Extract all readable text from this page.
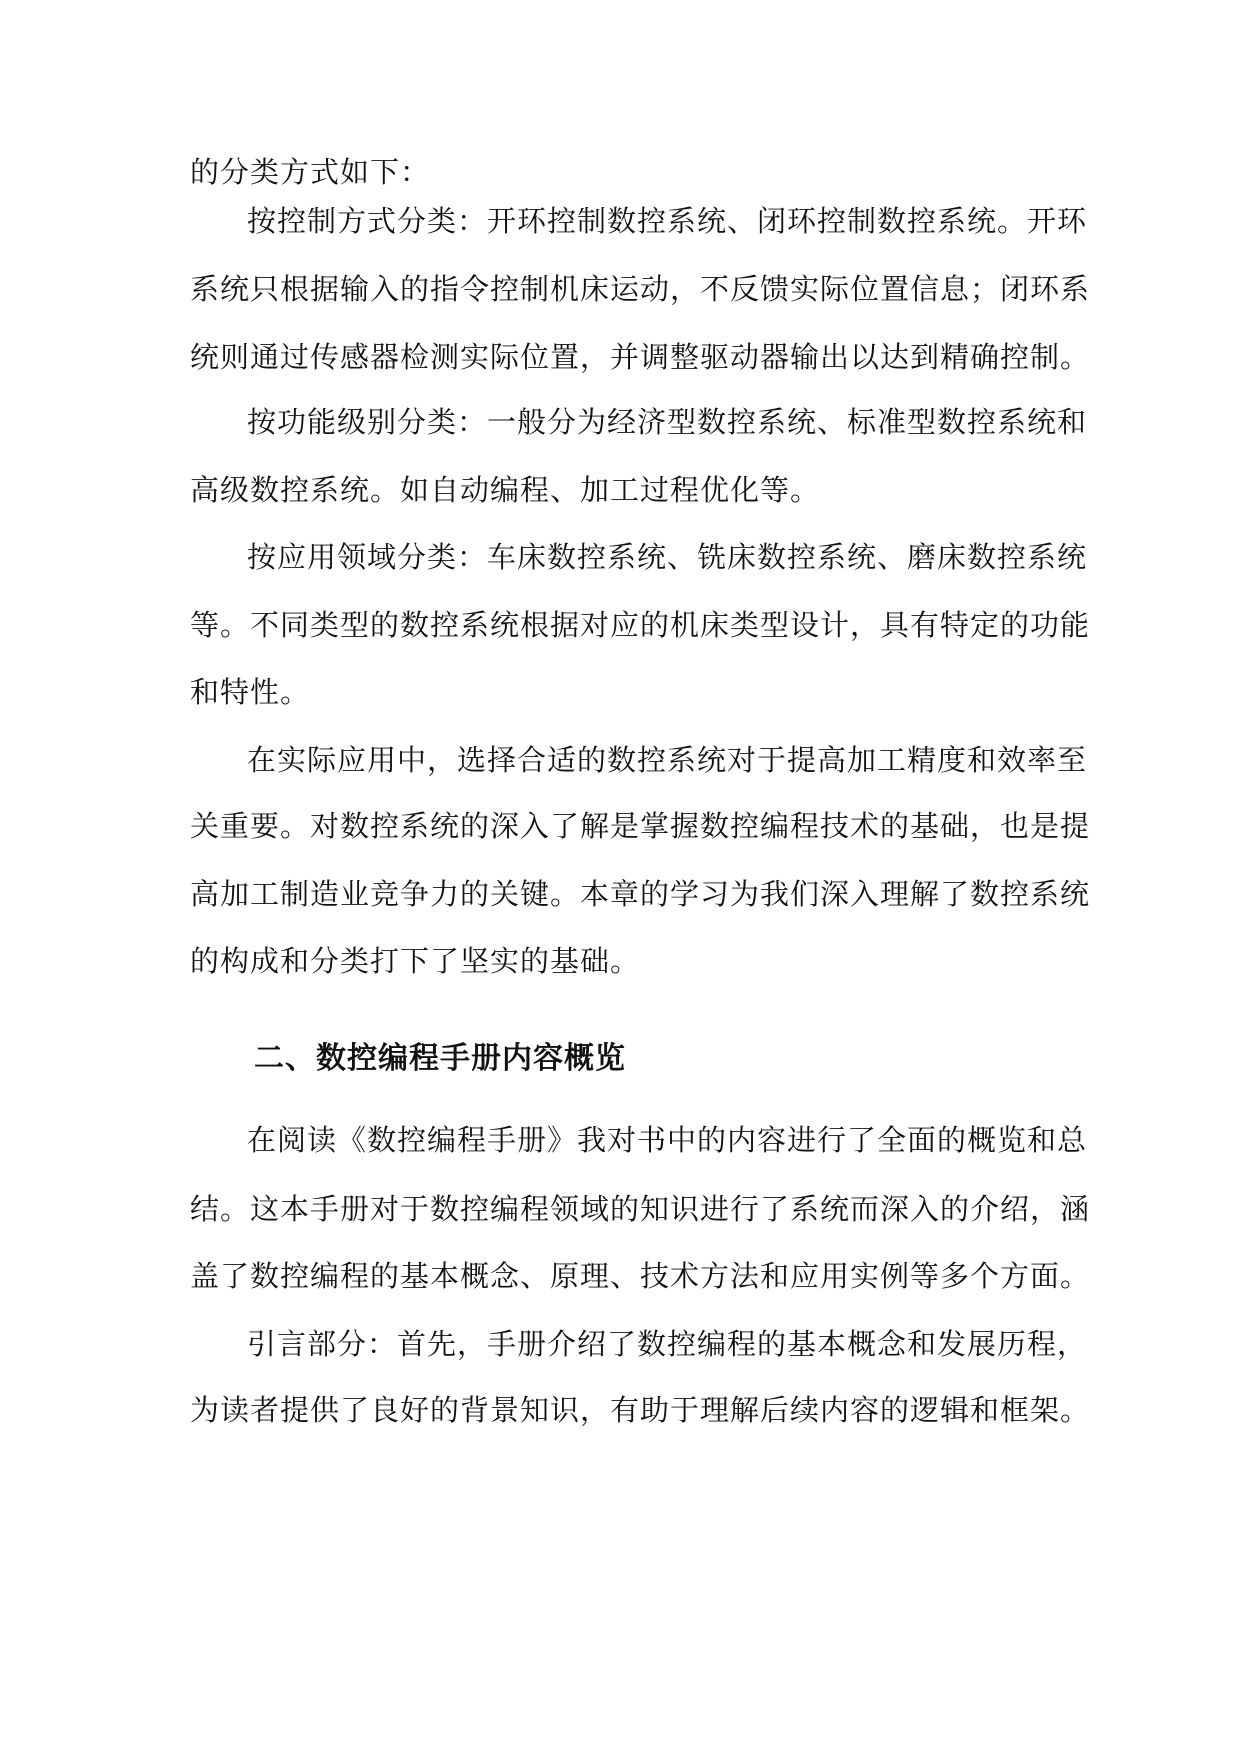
的分类方式如下：
按控制方式分类：开环控制数控系统、闭环控制数控系统。开环
系统只根据输入的指令控制机床运动，不反馈实际位置信息；闭环系
统则通过传感器检测实际位置，并调整驱动器输出以达到精确控制。
按功能级别分类：一般分为经济型数控系统、标准型数控系统和
高级数控系统。如自动编程、加工过程优化等。
按应用领域分类：车床数控系统、铣床数控系统、磨床数控系统
等。不同类型的数控系统根据对应的机床类型设计，具有特定的功能
和特性。
在实际应用中，选择合适的数控系统对于提高加工精度和效率至
关重要。对数控系统的深入了解是掌握数控编程技术的基础，也是提
高加工制造业竞争力的关键。本章的学习为我们深入理解了数控系统
的构成和分类打下了坚实的基础。
二、数控编程手册内容概览
在阅读《数控编程手册》我对书中的内容进行了全面的概览和总
结。这本手册对于数控编程领域的知识进行了系统而深入的介绍，涵
盖了数控编程的基本概念、原理、技术方法和应用实例等多个方面。
引言部分：首先，手册介绍了数控编程的基本概念和发展历程，
为读者提供了良好的背景知识，有助于理解后续内容的逻辑和框架。
